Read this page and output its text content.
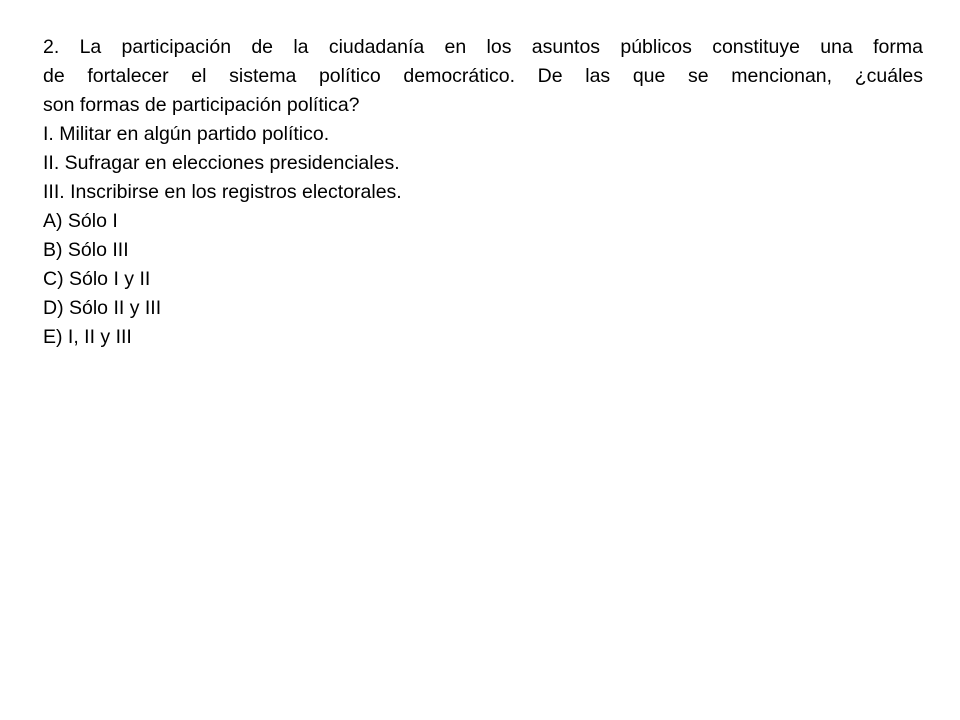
2. La participación de la ciudadanía en los asuntos públicos constituye una forma
de fortalecer el sistema político democrático. De las que se mencionan, ¿cuáles
son formas de participación política?
I. Militar en algún partido político.
II. Sufragar en elecciones presidenciales.
III. Inscribirse en los registros electorales.
A) Sólo I
B) Sólo III
C) Sólo I y II
D) Sólo II y III
E) I, II y III
